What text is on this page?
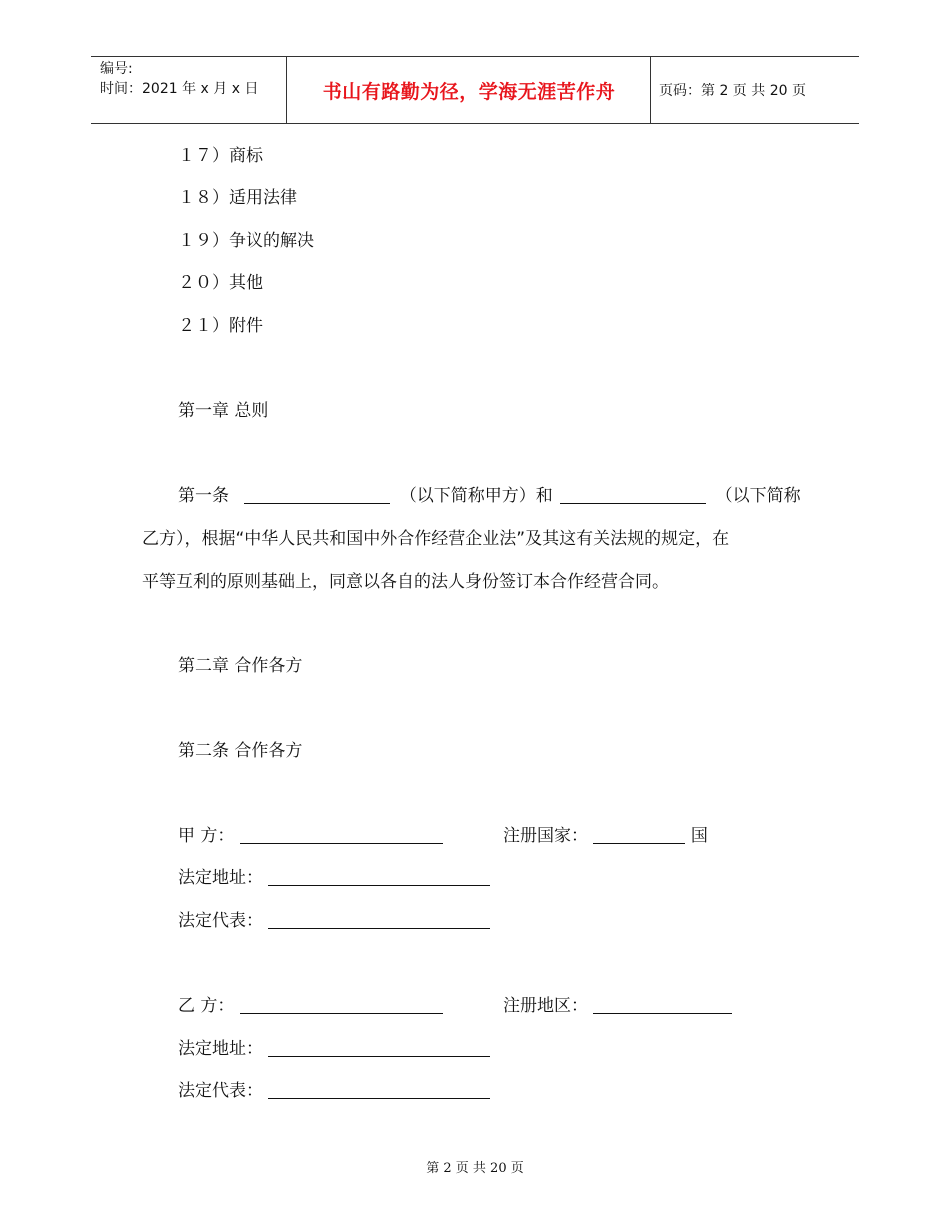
编号:
时间：2021 年 x 月 x 日	书山有路勤为径，学海无涯苦作舟	页码：第 2 页 共 20 页
１７）商标
１８）适用法律
１９）争议的解决
２０）其他
２１）附件
第一章 总则
第一条	（以下简称甲方）和	（以下简称
乙方），根据“中华人民共和国中外合作经营企业法”及其这有关法规的规定，在
平等互利的原则基础上，同意以各自的法人身份签订本合作经营合同。
第二章 合作各方
第二条 合作各方
甲 方：	注册国家：	国
法定地址：
法定代表：
乙 方：	注册地区：
法定地址：
法定代表：
第 2 页 共 20 页
